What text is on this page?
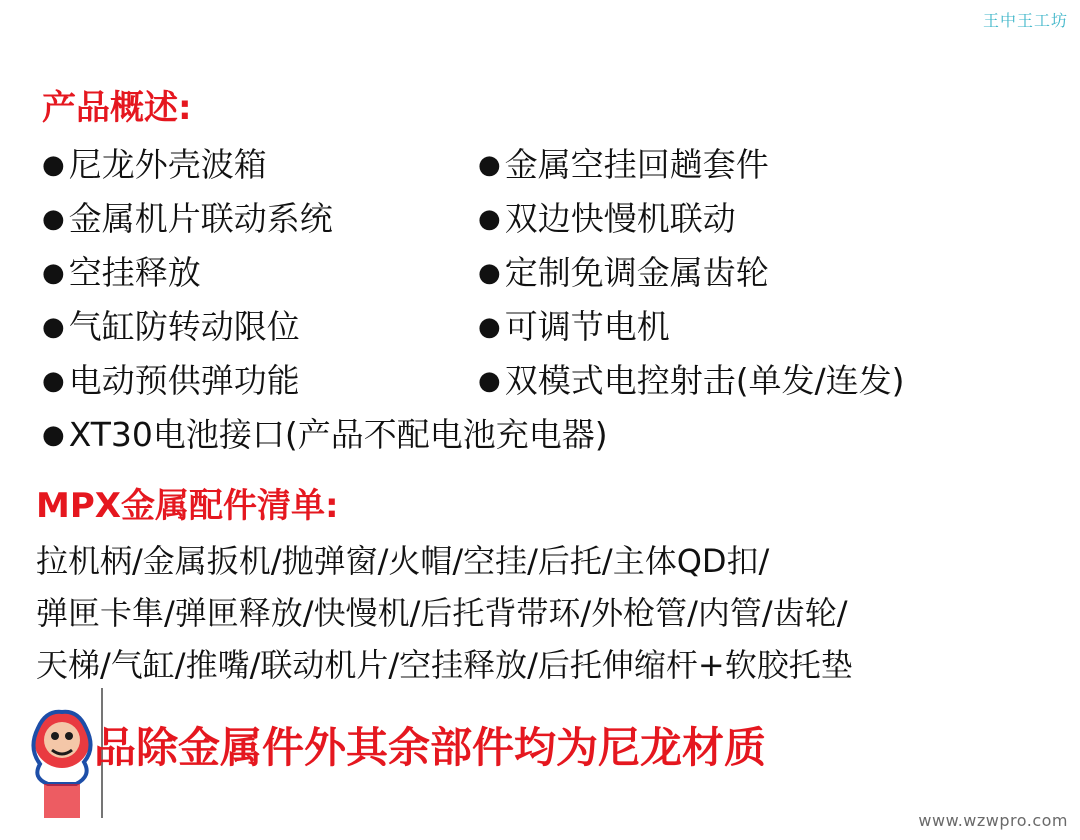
王中王工坊
产品概述:
● 尼龙外壳波箱	● 金属空挂回趟套件
● 金属机片联动系统	● 双边快慢机联动
● 空挂释放	● 定制免调金属齿轮
● 气缸防转动限位	● 可调节电机
● 电动预供弹功能	● 双模式电控射击(单发/连发)
● XT30电池接口(产品不配电池充电器)
MPX金属配件清单:
拉机柄/金属扳机/抛弹窗/火帽/空挂/后托/主体QD扣/
弹匣卡隼/弹匣释放/快慢机/后托背带环/外枪管/内管/齿轮/
天梯/气缸/推嘴/联动机片/空挂释放/后托伸缩杆+软胶托垫
品除金属件外其余部件均为尼龙材质
www.wzwpro.com
